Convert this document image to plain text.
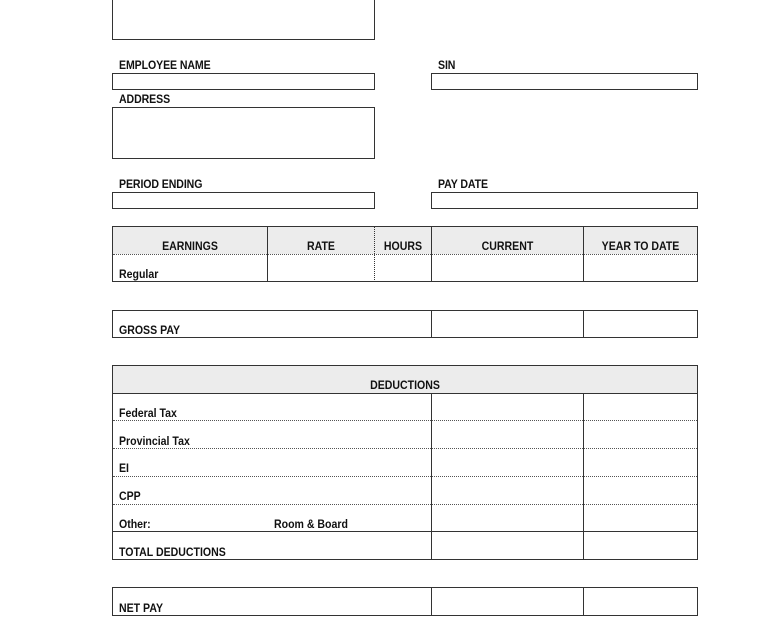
EMPLOYEE NAME	SIN
ADDRESS
PERIOD ENDING	PAY DATE
EARNINGS	RATE	HOURS	CURRENT	YEAR TO DATE
Regular
GROSS PAY
DEDUCTIONS
Federal Tax
Provincial Tax
EI
CPP
Other:	Room & Board
TOTAL DEDUCTIONS
NET PAY
